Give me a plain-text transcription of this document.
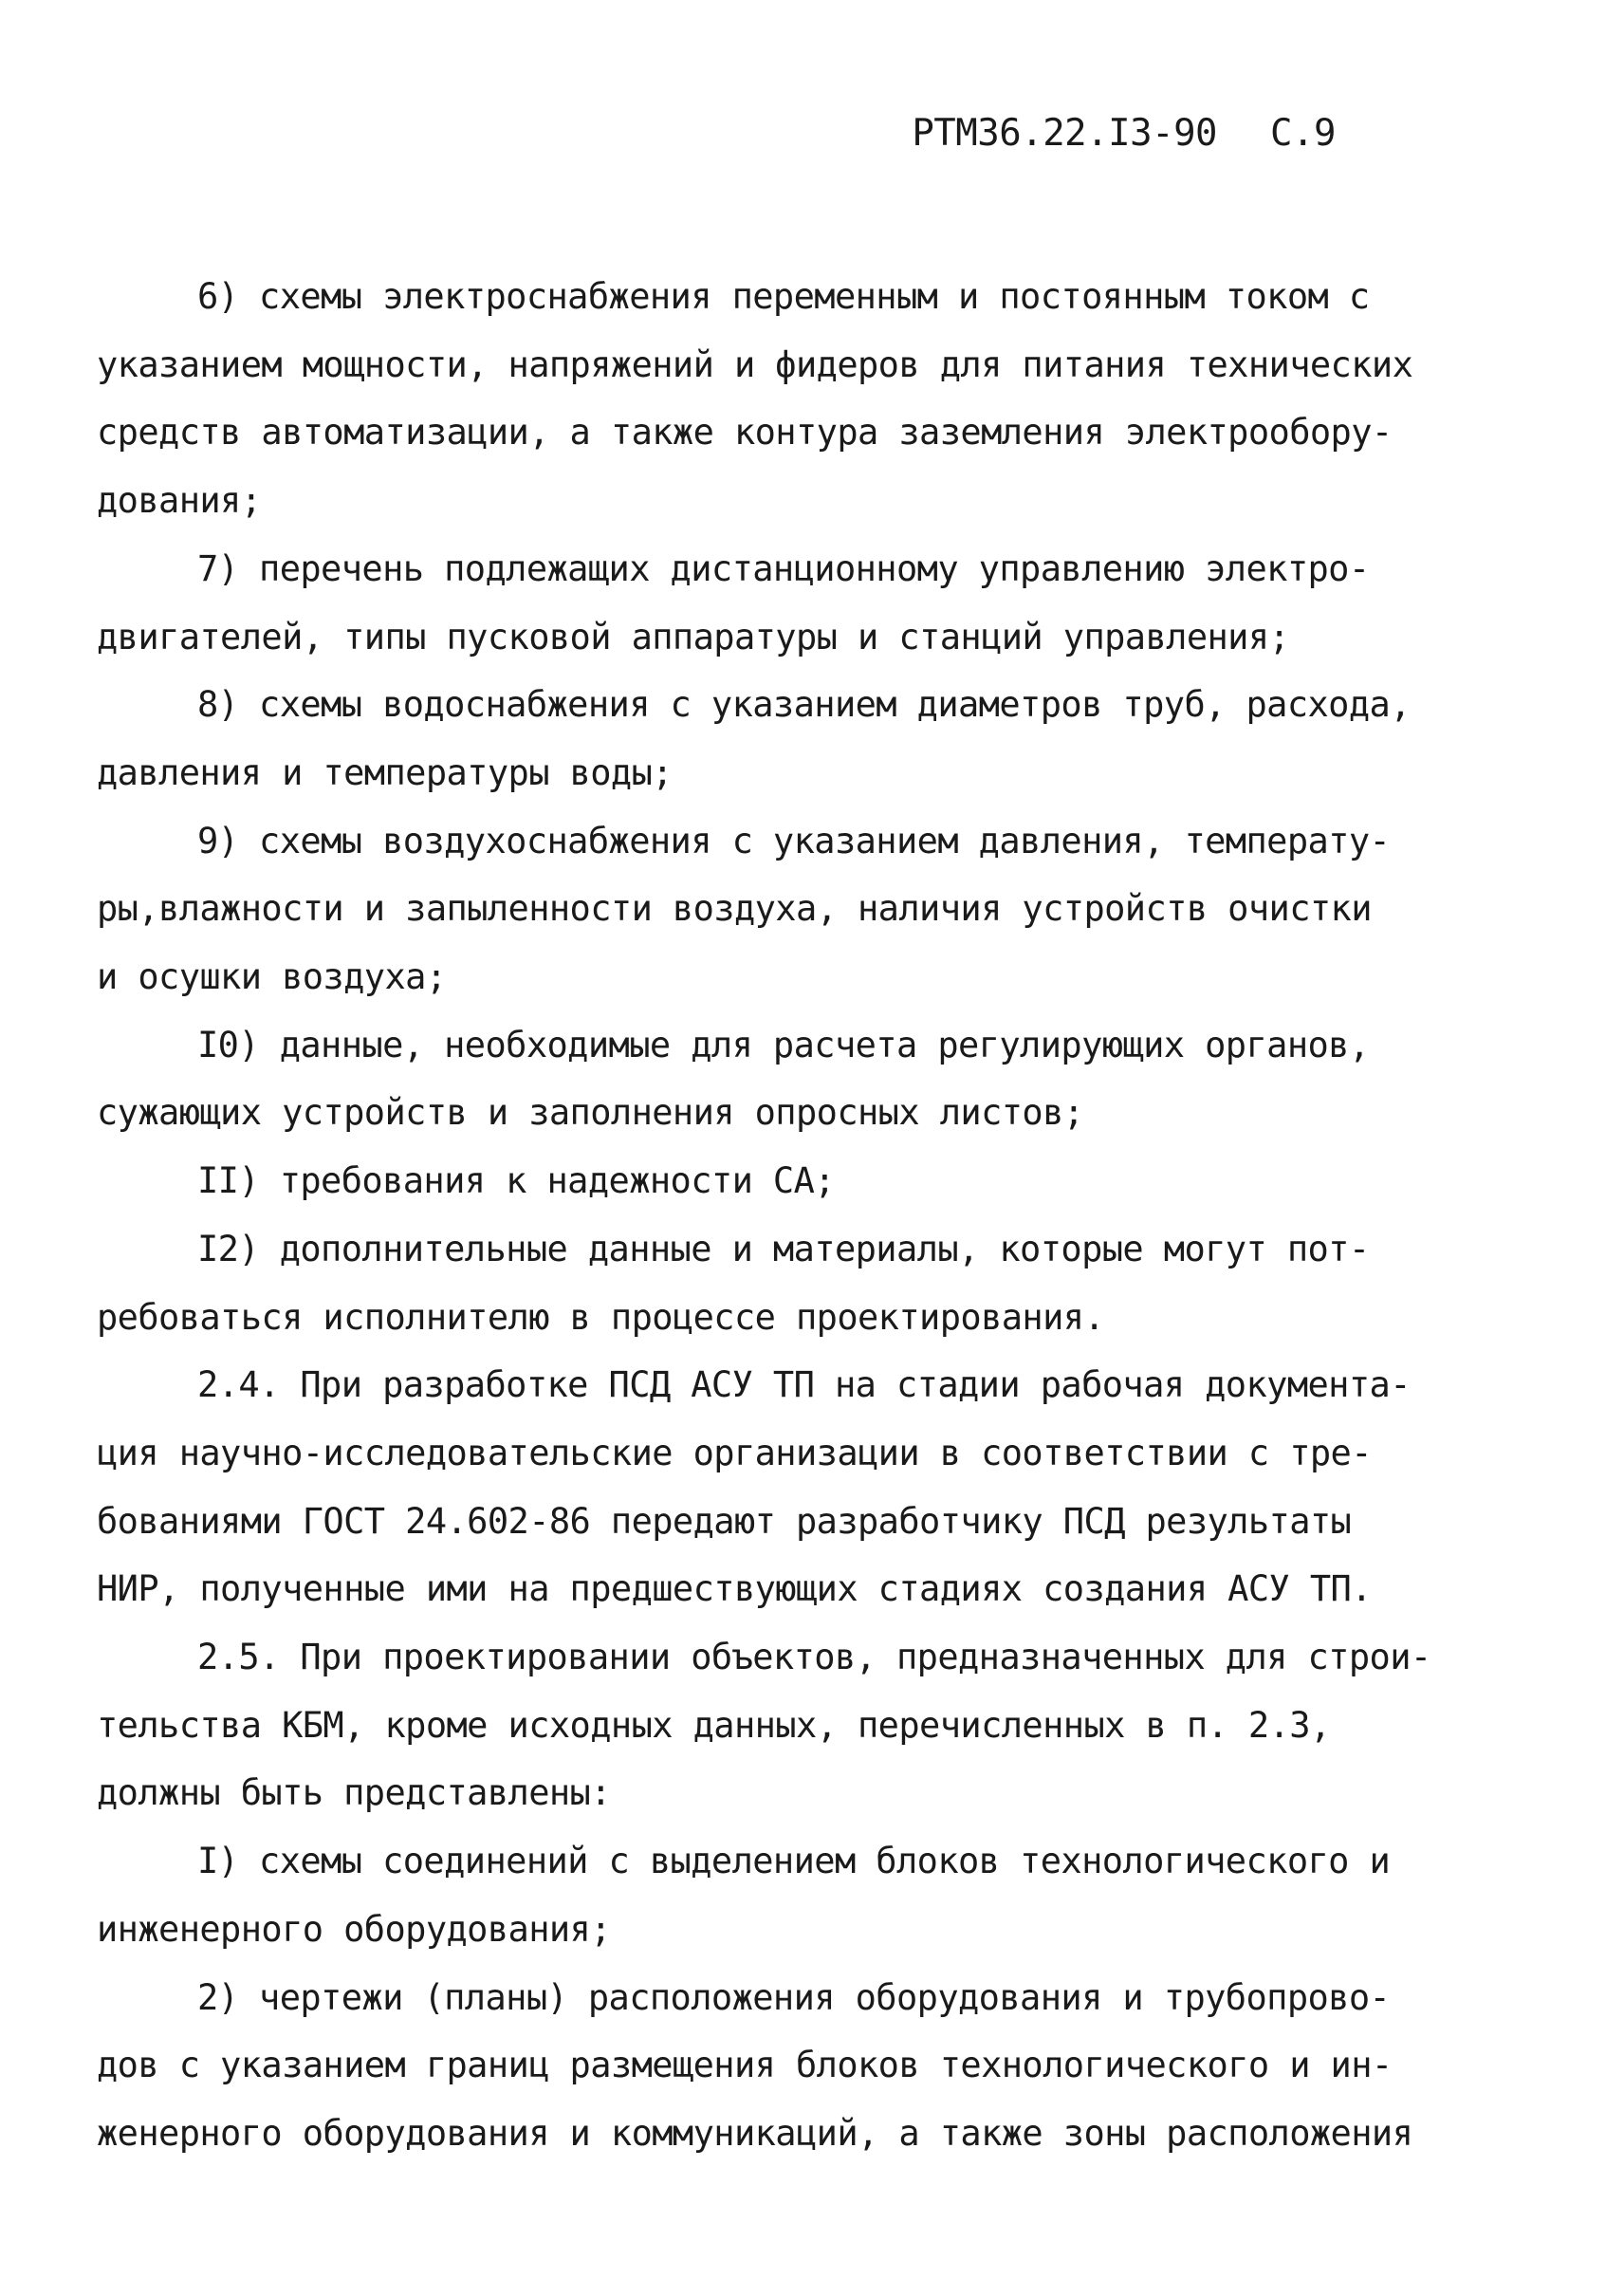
РТМ36.22.I3-90 С.9
6) схемы электроснабжения переменным и постоянным током с
указанием мощности, напряжений и фидеров для питания технических
средств автоматизации, а также контура заземления электрообору-
дования;
7) перечень подлежащих дистанционному управлению электро-
двигателей, типы пусковой аппаратуры и станций управления;
8) схемы водоснабжения с указанием диаметров труб, расхода,
давления и температуры воды;
9) схемы воздухоснабжения с указанием давления, температу-
ры,влажности и запыленности воздуха, наличия устройств очистки
и осушки воздуха;
I0) данные, необходимые для расчета регулирующих органов,
сужающих устройств и заполнения опросных листов;
II) требования к надежности СА;
I2) дополнительные данные и материалы, которые могут пот-
ребоваться исполнителю в процессе проектирования.
2.4. При разработке ПСД АСУ ТП на стадии рабочая документа-
ция научно-исследовательские организации в соответствии с тре-
бованиями ГОСТ 24.602-86 передают разработчику ПСД результаты
НИР, полученные ими на предшествующих стадиях создания АСУ ТП.
2.5. При проектировании объектов, предназначенных для строи-
тельства КБМ, кроме исходных данных, перечисленных в п. 2.3,
должны быть представлены:
I) схемы соединений с выделением блоков технологического и
инженерного оборудования;
2) чертежи (планы) расположения оборудования и трубопрово-
дов с указанием границ размещения блоков технологического и ин-
женерного оборудования и коммуникаций, а также зоны расположения
